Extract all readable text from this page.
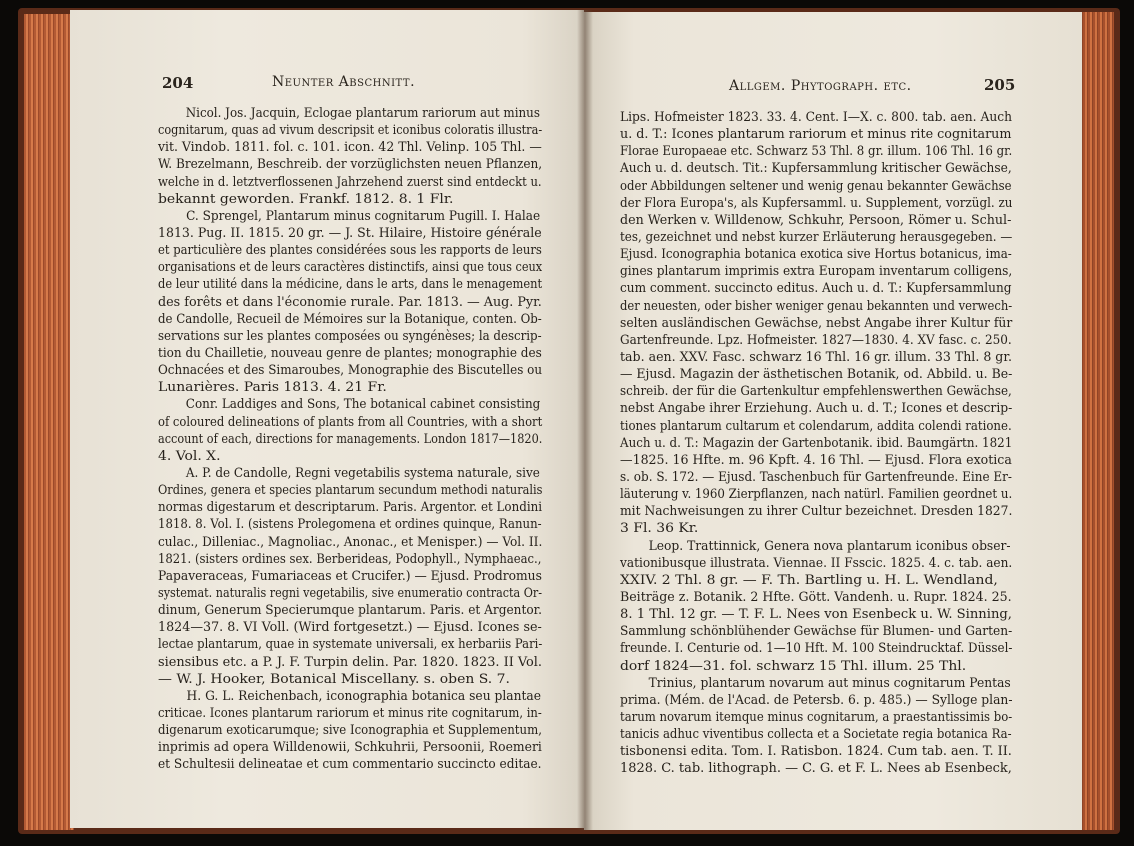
204	Neunter Abschnitt.
Nicol. Jos. Jacquin, Eclogae plantarum rariorum aut minus
cognitarum, quas ad vivum descripsit et iconibus coloratis illustra-
vit. Vindob. 1811. fol. c. 101. icon. 42 Thl. Velinp. 105 Thl. —
W. Brezelmann, Beschreib. der vorzüglichsten neuen Pflanzen,
welche in d. letztverflossenen Jahrzehend zuerst sind entdeckt u.
bekannt geworden. Frankf. 1812. 8. 1 Flr.
C. Sprengel, Plantarum minus cognitarum Pugill. I. Halae
1813. Pug. II. 1815. 20 gr. — J. St. Hilaire, Histoire générale
et particulière des plantes considérées sous les rapports de leurs
organisations et de leurs caractères distinctifs, ainsi que tous ceux
de leur utilité dans la médicine, dans le arts, dans le menagement
des forêts et dans l'économie rurale. Par. 1813. — Aug. Pyr.
de Candolle, Recueil de Mémoires sur la Botanique, conten. Ob-
servations sur les plantes composées ou syngénèses; la descrip-
tion du Chailletie, nouveau genre de plantes; monographie des
Ochnacées et des Simaroubes, Monographie des Biscutelles ou
Lunarières. Paris 1813. 4. 21 Fr.
Conr. Laddiges and Sons, The botanical cabinet consisting
of coloured delineations of plants from all Countries, with a short
account of each, directions for managements. London 1817—1820.
4. Vol. X.
A. P. de Candolle, Regni vegetabilis systema naturale, sive
Ordines, genera et species plantarum secundum methodi naturalis
normas digestarum et descriptarum. Paris. Argentor. et Londini
1818. 8. Vol. I. (sistens Prolegomena et ordines quinque, Ranun-
culac., Dilleniac., Magnoliac., Anonac., et Menisper.) — Vol. II.
1821. (sisters ordines sex. Berberideas, Podophyll., Nymphaeac.,
Papaveraceas, Fumariaceas et Crucifer.) — Ejusd. Prodromus
systemat. naturalis regni vegetabilis, sive enumeratio contracta Or-
dinum, Generum Specierumque plantarum. Paris. et Argentor.
1824—37. 8. VI Voll. (Wird fortgesetzt.) — Ejusd. Icones se-
lectae plantarum, quae in systemate universali, ex herbariis Pari-
siensibus etc. a P. J. F. Turpin delin. Par. 1820. 1823. II Vol.
— W. J. Hooker, Botanical Miscellany. s. oben S. 7.
H. G. L. Reichenbach, iconographia botanica seu plantae
criticae. Icones plantarum rariorum et minus rite cognitarum, in-
digenarum exoticarumque; sive Iconographia et Supplementum,
inprimis ad opera Willdenowii, Schkuhrii, Persoonii, Roemeri
et Schultesii delineatae et cum commentario succincto editae.
Allgem. Phytograph. etc.	205
Lips. Hofmeister 1823. 33. 4. Cent. I—X. c. 800. tab. aen. Auch
u. d. T.: Icones plantarum rariorum et minus rite cognitarum
Florae Europaeae etc. Schwarz 53 Thl. 8 gr. illum. 106 Thl. 16 gr.
Auch u. d. deutsch. Tit.: Kupfersammlung kritischer Gewächse,
oder Abbildungen seltener und wenig genau bekannter Gewächse
der Flora Europa's, als Kupfersamml. u. Supplement, vorzügl. zu
den Werken v. Willdenow, Schkuhr, Persoon, Römer u. Schul-
tes, gezeichnet und nebst kurzer Erläuterung herausgegeben. —
Ejusd. Iconographia botanica exotica sive Hortus botanicus, ima-
gines plantarum imprimis extra Europam inventarum colligens,
cum comment. succincto editus. Auch u. d. T.: Kupfersammlung
der neuesten, oder bisher weniger genau bekannten und verwech-
selten ausländischen Gewächse, nebst Angabe ihrer Kultur für
Gartenfreunde. Lpz. Hofmeister. 1827—1830. 4. XV fasc. c. 250.
tab. aen. XXV. Fasc. schwarz 16 Thl. 16 gr. illum. 33 Thl. 8 gr.
— Ejusd. Magazin der ästhetischen Botanik, od. Abbild. u. Be-
schreib. der für die Gartenkultur empfehlenswerthen Gewächse,
nebst Angabe ihrer Erziehung. Auch u. d. T.; Icones et descrip-
tiones plantarum cultarum et colendarum, addita colendi ratione.
Auch u. d. T.: Magazin der Gartenbotanik. ibid. Baumgärtn. 1821
—1825. 16 Hfte. m. 96 Kpft. 4. 16 Thl. — Ejusd. Flora exotica
s. ob. S. 172. — Ejusd. Taschenbuch für Gartenfreunde. Eine Er-
läuterung v. 1960 Zierpflanzen, nach natürl. Familien geordnet u.
mit Nachweisungen zu ihrer Cultur bezeichnet. Dresden 1827.
3 Fl. 36 Kr.
Leop. Trattinnick, Genera nova plantarum iconibus obser-
vationibusque illustrata. Viennae. II Fsscic. 1825. 4. c. tab. aen.
XXIV. 2 Thl. 8 gr. — F. Th. Bartling u. H. L. Wendland,
Beiträge z. Botanik. 2 Hfte. Gött. Vandenh. u. Rupr. 1824. 25.
8. 1 Thl. 12 gr. — T. F. L. Nees von Esenbeck u. W. Sinning,
Sammlung schönblühender Gewächse für Blumen- und Garten-
freunde. I. Centurie od. 1—10 Hft. M. 100 Steindrucktaf. Düssel-
dorf 1824—31. fol. schwarz 15 Thl. illum. 25 Thl.
Trinius, plantarum novarum aut minus cognitarum Pentas
prima. (Mém. de l'Acad. de Petersb. 6. p. 485.) — Sylloge plan-
tarum novarum itemque minus cognitarum, a praestantissimis bo-
tanicis adhuc viventibus collecta et a Societate regia botanica Ra-
tisbonensi edita. Tom. I. Ratisbon. 1824. Cum tab. aen. T. II.
1828. C. tab. lithograph. — C. G. et F. L. Nees ab Esenbeck,
